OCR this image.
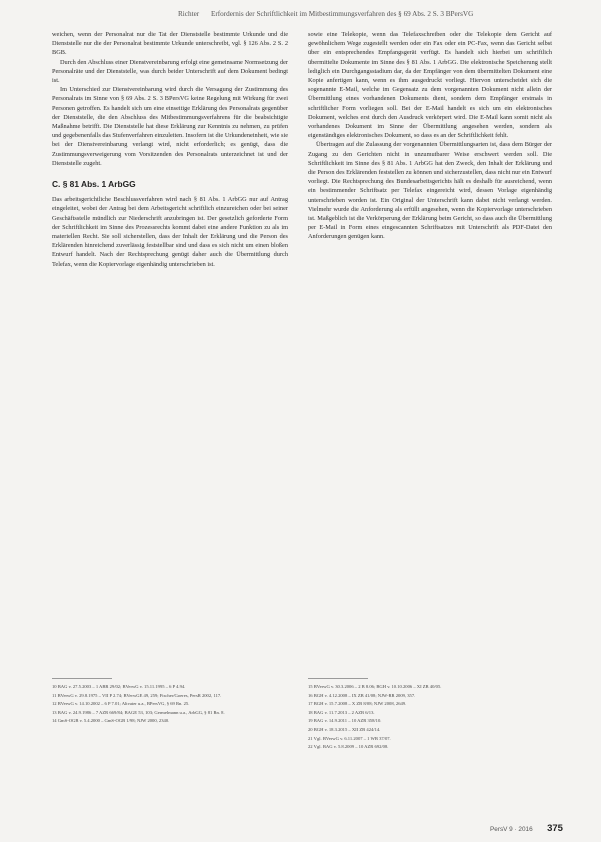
Richter Erfordernis der Schriftlichkeit im Mitbestimmungsverfahren des § 69 Abs. 2 S. 3 BPersVG

weichen, wenn der Personalrat nur die Tat der Dienststelle bestimmte Urkunde und die Dienststelle nur die der Personalrat bestimmte Urkunde unterschreibt, vgl. § 126 Abs. 2 S. 2 BGB.

Durch den Abschluss einer Dienstvereinbarung erfolgt eine gemeinsame Normsetzung der Personalräte und der Dienststelle, was durch beider Unterschrift auf dem Dokument bedingt ist.

Im Unterschied zur Dienstvereinbarung wird durch die Versagung der Zustimmung des Personalrats im Sinne von § 69 Abs. 2 S. 3 BPersVG keine Regelung mit Wirkung für zwei Personen getroffen. Es handelt sich um eine einseitige Erklärung des Personalrats gegenüber der Dienststelle, die den Abschluss des Mitbestimmungsverfahrens für die beabsichtigte Maßnahme betrifft. Die Dienststelle hat diese Erklärung zur Kenntnis zu nehmen, zu prüfen und gegebenenfalls das Stufenverfahren einzuleiten. Insofern ist die Urkundeneinheit, wie sie bei der Dienstvereinbarung verlangt wird, nicht erforderlich; es genügt, dass die Zustimmungsverweigerung vom Vorsitzenden des Personalrats unterzeichnet ist und der Dienststelle zugeht.

C. § 81 Abs. 1 ArbGG

Das arbeitsgerichtliche Beschlussverfahren wird nach § 81 Abs. 1 ArbGG nur auf Antrag eingeleitet, wobei der Antrag bei dem Arbeitsgericht schriftlich einzureichen oder bei seiner Geschäftsstelle mündlich zur Niederschrift anzubringen ist. Der gesetzlich geforderte Form der Schriftlichkeit im Sinne des Prozessrechts kommt dabei eine andere Funktion zu als im materiellen Recht. Sie soll sicherstellen, dass der Inhalt der Erklärung und die Person des Erklärenden hinreichend zuverlässig feststellbar sind und dass es sich nicht um einen bloßen Entwurf handelt. Nach der Rechtsprechung genügt daher auch die Übermittlung durch Telefax, wenn die Kopiervorlage eigenhändig unterschrieben ist.

sowie eine Telekopie, wenn das Telefaxschreiben oder die Telekopie dem Gericht auf gewöhnlichem Wege zugestellt werden oder ein Fax oder ein PC-Fax, wenn das Gericht selbst über ein entsprechendes Empfangsgerät verfügt. Es handelt sich hierbei um schriftlich übermittelte Dokumente im Sinne des § 81 Abs. 1 ArbGG. Die elektronische Speicherung stellt lediglich ein Durchgangsstadium dar, da der Empfänger von dem übermittelten Dokument eine Kopie anfertigen kann, wenn es ihm ausgedruckt vorliegt. Hiervon unterscheidet sich die sogenannte E-Mail, welche im Gegensatz zu dem vorgenannten Dokument nicht allein der Übermittlung eines vorhandenen Dokuments dient, sondern dem Empfänger erstmals in schriftlicher Form vorliegen soll. Bei der E-Mail handelt es sich um ein elektronisches Dokument, welches erst durch den Ausdruck verkörpert wird. Die E-Mail kann somit nicht als vorhandenes Dokument im Sinne der Übermittlung angesehen werden, sondern als eigenständiges elektronisches Dokument, so dass es an der Schriftlichkeit fehlt.

Übertragen auf die Zulassung der vorgenannten Übermittlungsarten ist, dass dem Bürger der Zugang zu den Gerichten nicht in unzumutbarer Weise erschwert werden soll. Die Schriftlichkeit im Sinne des § 81 Abs. 1 ArbGG hat den Zweck, den Inhalt der Erklärung und die Person des Erklärenden feststellen zu können und sicherzustellen, dass nicht nur ein Entwurf vorliegt. Die Rechtsprechung des Bundesarbeitsgerichts hält es deshalb für ausreichend, wenn ein bestimmender Schriftsatz per Telefax eingereicht wird, dessen Vorlage eigenhändig unterschrieben worden ist. Ein Original der Unterschrift kann dabei nicht verlangt werden. Vielmehr wurde die Anforderung als erfüllt angesehen, wenn die Kopiervorlage unterschrieben ist. Maßgeblich ist die Verkörperung der Erklärung beim Gericht, so dass auch die Übermittlung per E-Mail in Form eines eingescannten Schriftsatzes mit Unterschrift als PDF-Datei den Anforderungen genügen kann.

10 BAG v. 27.5.2003 – 1 ABR 29/02; BVerwG v. 15.11.1995 – 6 P 4.94.
11 BVerwG v. 29.8.1975 – VII P 2.74; BVerwGE 49, 259; Fischer/Goeres, PersR 2002, 117.
12 BVerwG v. 14.10.2002 – 6 P 7.01; Altvater u.a., BPersVG, § 69 Rn. 25.
13 BAG v. 24.9.1986 – 7 AZR 669/84; BAGE 53, 103; Germelmann u.a., ArbGG, § 81 Rn. 8.
14 GmS-OGB v. 5.4.2000 – GmS-OGB 1/98; NJW 2000, 2340.
15 BVerwG v. 30.3.2006 – 2 B 8.06; BGH v. 10.10.2006 – XI ZB 40/05.
16 BGH v. 4.12.2008 – IX ZB 41/08; NJW-RR 2009, 357.
17 BGH v. 15.7.2008 – X ZB 8/08; NJW 2008, 2649.
18 BAG v. 11.7.2013 – 2 AZB 6/13.
19 BAG v. 14.9.2011 – 10 AZR 358/10.
20 BGH v. 18.3.2015 – XII ZB 424/14.
21 Vgl. BVerwG v. 6.11.2007 – 1 WB 37/07.
22 Vgl. BAG v. 5.8.2009 – 10 AZR 692/08.
PersV 9 · 2016 375
